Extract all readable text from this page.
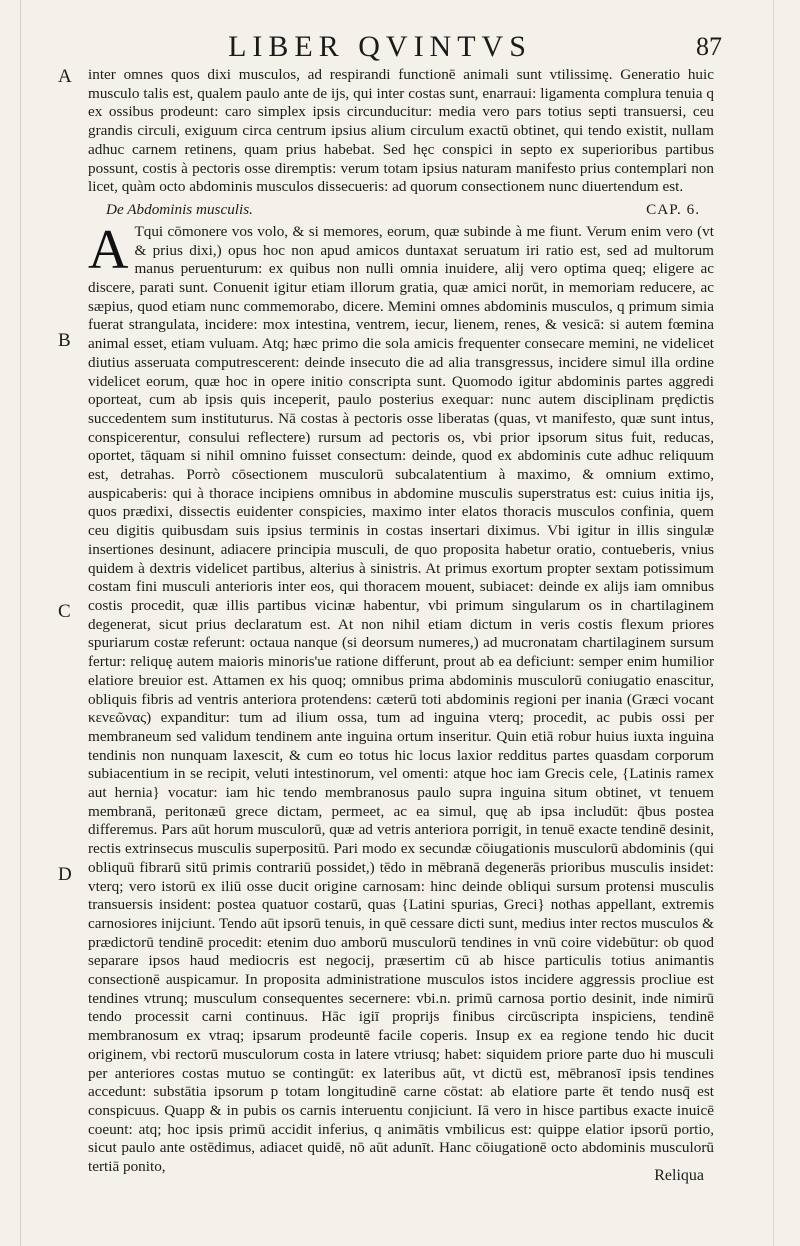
LIBER QVINTVS	87
A
B
C
D

inter omnes quos dixi musculos, ad respirandi functionē animali sunt vtilissimę. Generatio huic musculo talis est, qualem paulo ante de ijs, qui inter costas sunt, enarraui: ligamenta complura tenuia q ex ossibus prodeunt: caro simplex ipsis circunducitur: media vero pars totius septi transuersi, ceu grandis circuli, exiguum circa centrum ipsius alium circulum exactū obtinet, qui tendo existit, nullam adhuc carnem retinens, quam prius habebat. Sed hęc conspici in septo ex superioribus partibus possunt, costis à pectoris osse diremptis: verum totam ipsius naturam manifesto prius contemplari non licet, quàm octo abdominis musculos dissecueris: ad quorum consectionem nunc diuertendum est.

De Abdominis musculis.	CAP. 6.

A Tqui cōmonere vos volo, & si memores, eorum, quæ subinde à me fiunt. Verum enim vero (vt & prius dixi,) opus hoc non apud amicos duntaxat seruatum iri ratio est, sed ad multorum manus peruenturum: ex quibus non nulli omnia inuidere, alij vero optima queq; eligere ac discere, parati sunt. Conuenit igitur etiam illorum gratia, quæ amici norūt, in memoriam reducere, ac sæpius, quod etiam nunc commemorabo, dicere. Memini omnes abdominis musculos, q primum simia fuerat strangulata, incidere: mox intestina, ventrem, iecur, lienem, renes, & vesicā: si autem fœmina animal esset, etiam vuluam. Atq; hæc primo die sola amicis frequenter consecare memini, ne videlicet diutius asseruata computrescerent: deinde insecuto die ad alia transgressus, incidere simul illa ordine videlicet eorum, quæ hoc in opere initio conscripta sunt. Quomodo igitur abdominis partes aggredi oporteat, cum ab ipsis quis inceperit, paulo posterius exequar: nunc autem disciplinam prędictis succedentem sum instituturus. Nā costas à pectoris osse liberatas (quas, vt manifesto, quæ sunt intus, conspicerentur, consului reflectere) rursum ad pectoris os, vbi prior ipsorum situs fuit, reducas, oportet, tāquam si nihil omnino fuisset consectum: deinde, quod ex abdominis cute adhuc reliquum est, detrahas. Porrò cōsectionem musculorū subcalatentium à maximo, & omnium extimo, auspicaberis: qui à thorace incipiens omnibus in abdomine musculis superstratus est: cuius initia ijs, quos prædixi, dissectis euidenter conspicies, maximo inter elatos thoracis musculos confinia, quem ceu digitis quibusdam suis ipsius terminis in costas insertari diximus. Vbi igitur in illis singulæ insertiones desinunt, adiacere principia musculi, de quo proposita habetur oratio, contueberis, vnius quidem à dextris videlicet partibus, alterius à sinistris. At primus exortum propter sextam potissimum costam fini musculi anterioris inter eos, qui thoracem mouent, subiacet: deinde ex alijs iam omnibus costis procedit, quæ illis partibus vicinæ habentur, vbi primum singularum os in chartilaginem degenerat, sicut prius declaratum est. At non nihil etiam dictum in veris costis flexum priores spuriarum costæ referunt: octaua nanque (si deorsum numeres,) ad mucronatam chartilaginem sursum fertur: reliquę autem maioris minoris'ue ratione differunt, prout ab ea deficiunt: semper enim humilior elatiore breuior est. Attamen ex his quoq; omnibus prima abdominis musculorū coniugatio enascitur, obliquis fibris ad ventris anteriora protendens: cæterū toti abdominis regioni per inania (Græci vocant κενεῶνας) expanditur: tum ad ilium ossa, tum ad inguina vterq; procedit, ac pubis ossi per membraneum sed validum tendinem ante inguina ortum inseritur. Quin etiā robur huius iuxta inguina tendinis non nunquam laxescit, & cum eo totus hic locus laxior redditus partes quasdam corporum subiacentium in se recipit, veluti intestinorum, vel omenti: atque hoc iam Grecis cele, {Latinis ramex aut hernia} vocatur: iam hic tendo membranosus paulo supra inguina situm obtinet, vt tenuem membranā, peritonæū grece dictam, permeet, ac ea simul, quę ab ipsa includūt: q̄bus postea differemus. Pars aūt horum musculorū, quæ ad vetris anteriora porrigit, in tenuē exacte tendinē desinit, rectis extrinsecus musculis superpositū. Pari modo ex secundæ cōiugationis musculorū abdominis (qui obliquū fibrarū sitū primis contrariū possidet,) tēdo in mēbranā degenerās prioribus musculis insidet: vterq; vero istorū ex iliū osse ducit origine carnosam: hinc deinde obliqui sursum protensi musculis transuersis insident: postea quatuor costarū, quas {Latini spurias, Greci} nothas appellant, extremis carnosiores inijciunt. Tendo aūt ipsorū tenuis, in quē cessare dicti sunt, medius inter rectos musculos & prædictorū tendinē procedit: etenim duo amborū musculorū tendines in vnū coire videbūtur: ob quod separare ipsos haud mediocris est negocij, præsertim cū ab hisce particulis totius animantis consectionē auspicamur. In proposita administratione musculos istos incidere aggressis procliue est tendines vtrunq; musculum consequentes secernere: vbi.n. primū carnosa portio desinit, inde nimirū tendo processit carni continuus. Hāc igiī proprijs finibus circūscripta inspiciens, tendinē membranosum ex vtraq; ipsarum prodeuntē facile coperis. Insup ex ea regione tendo hic ducit originem, vbi rectorū musculorum costa in latere vtriusq; habet: siquidem priore parte duo hi musculi per anteriores costas mutuo se contingūt: ex lateribus aūt, vt dictū est, mēbranosī ipsis tendines accedunt: substātia ipsorum p totam longitudinē carne cōstat: ab elatiore parte ēt tendo nusq̄ est conspicuus. Quapp & in pubis os carnis interuentu conjiciunt. Iā vero in hisce partibus exacte inuicē coeunt: atq; hoc ipsis primū accidit inferius, q animātis vmbilicus est: quippe elatior ipsorū portio, sicut paulo ante ostēdimus, adiacet quidē, nō aūt adunīt. Hanc cōiugationē octo abdominis musculorū tertiā ponito,

Reliqua
